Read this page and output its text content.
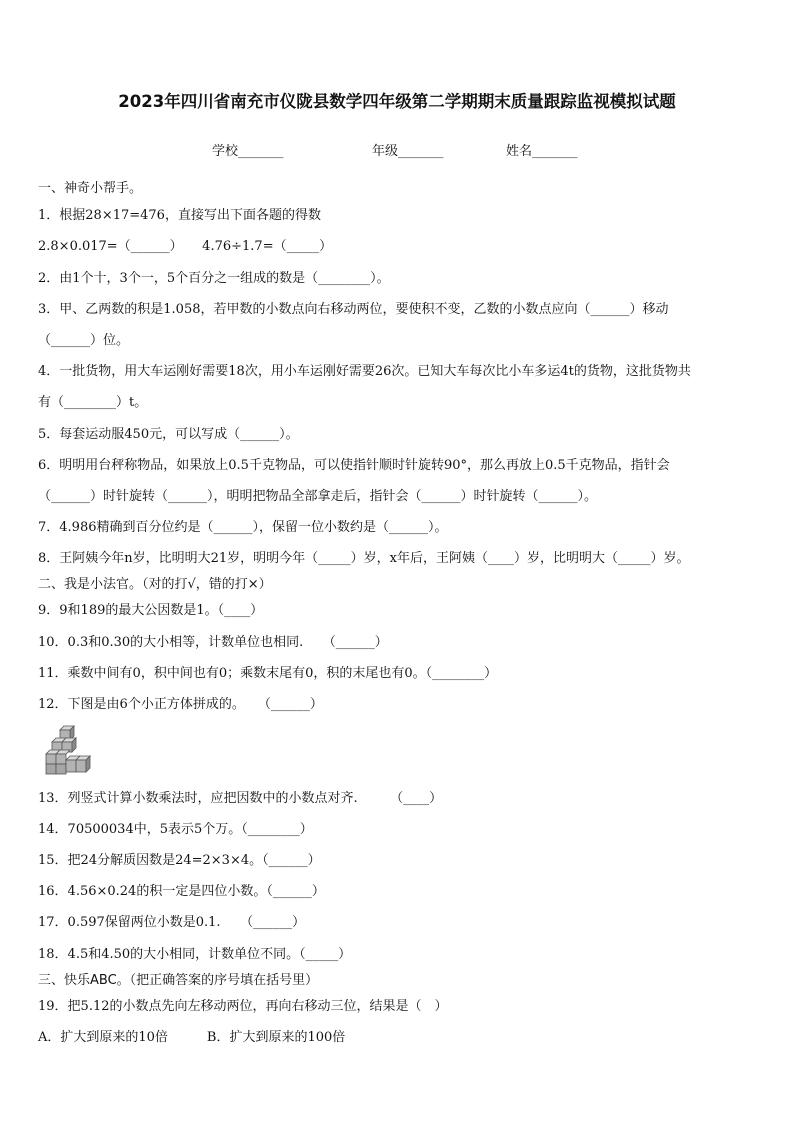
2023年四川省南充市仪陇县数学四年级第二学期期末质量跟踪监视模拟试题
学校_______	年级_______	姓名_______
一、神奇小帮手。
1．根据28×17=476，直接写出下面各题的得数
2.8×0.017=（______）　　4.76÷1.7=（_____）
2．由1个十，3个一，5个百分之一组成的数是（________）。
3．甲、乙两数的积是1.058，若甲数的小数点向右移动两位，要使积不变，乙数的小数点应向（______）移动
（______）位。
4．一批货物，用大车运刚好需要18次，用小车运刚好需要26次。已知大车每次比小车多运4t的货物，这批货物共
有（________）t。
5．每套运动服450元，可以写成（______）。
6．明明用台秤称物品，如果放上0.5千克物品，可以使指针顺时针旋转90°，那么再放上0.5千克物品，指针会
（______）时针旋转（______），明明把物品全部拿走后，指针会（______）时针旋转（______）。
7．4.986精确到百分位约是（______），保留一位小数约是（______）。
8．王阿姨今年n岁，比明明大21岁，明明今年（_____）岁，x年后，王阿姨（____）岁，比明明大（_____）岁。
二、我是小法官。（对的打√，错的打×）
9．9和189的最大公因数是1。（____）
10．0.3和0.30的大小相等，计数单位也相同.　　（______）
11．乘数中间有0，积中间也有0；乘数末尾有0，积的末尾也有0。（________）
12．下图是由6个小正方体拼成的。　　（______）
13．列竖式计算小数乘法时，应把因数中的小数点对齐.　　　（____）
14．70500034中，5表示5个万。（________）
15．把24分解质因数是24=2×3×4。（______）
16．4.56×0.24的积一定是四位小数。（______）
17．0.597保留两位小数是0.1.　　（______）
18．4.5和4.50的大小相同，计数单位不同。（_____）
三、快乐ABC。（把正确答案的序号填在括号里）
19．把5.12的小数点先向左移动两位，再向右移动三位，结果是（　）
A．扩大到原来的10倍　　　B．扩大到原来的100倍
